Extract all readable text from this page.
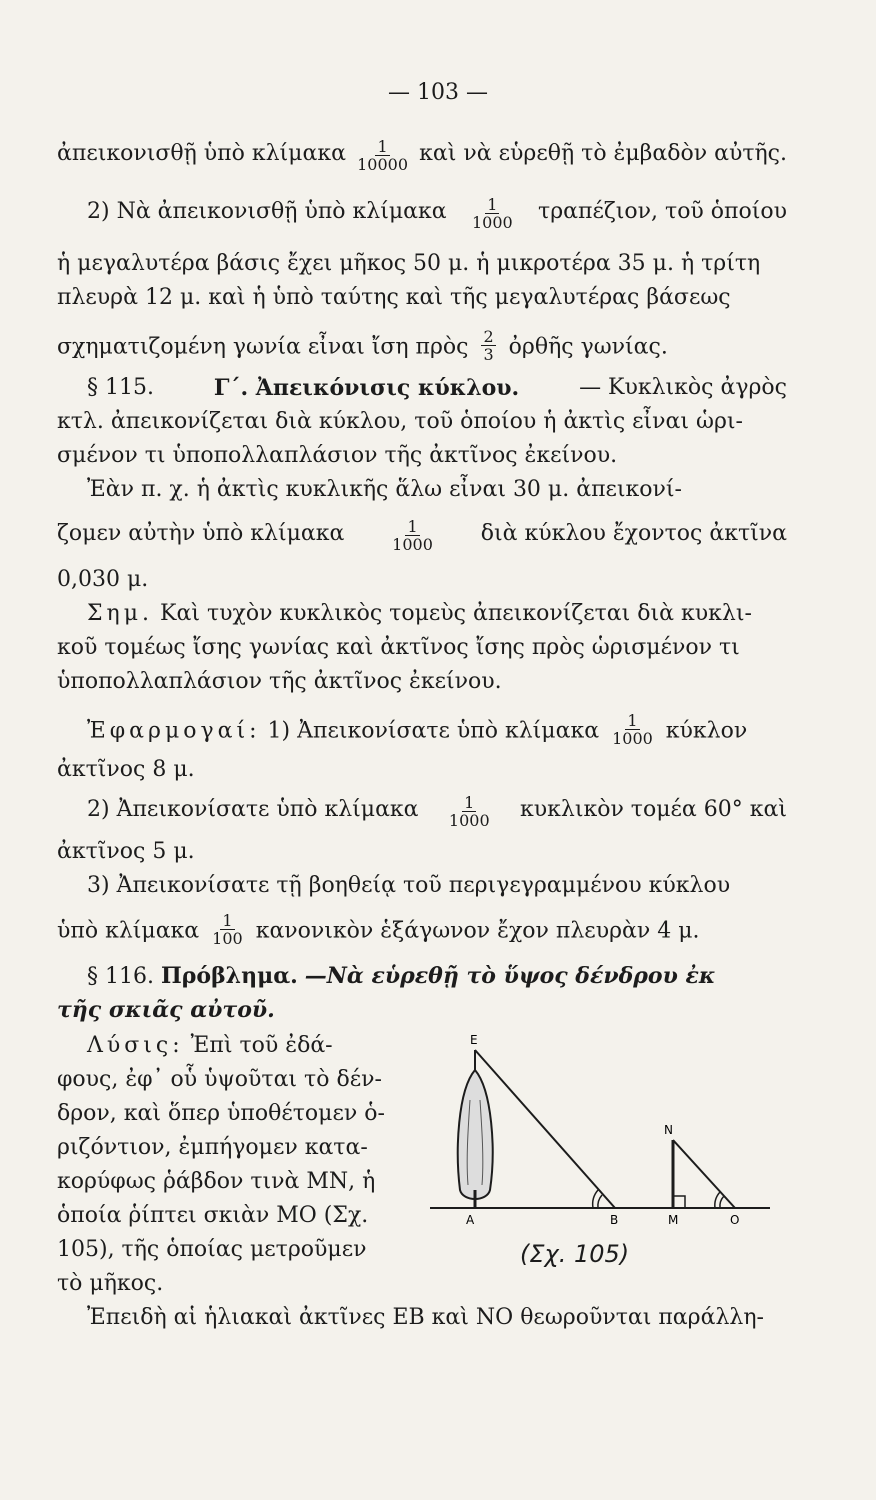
— 103 —
ἀπεικονισθῇ ὑπὸ κλίμακα $\frac{1}{10000}$ καὶ νὰ εὑρεθῇ τὸ ἐμβαδὸν αὐτῆς.
2) Νὰ ἀπεικονισθῇ ὑπὸ κλίμακα $\frac{1}{1000} \tau\rho\alpha\pi έ\zeta\iota o\nu$, τοῦ ὁποίου
ἡ μεγαλυτέρα βάσις ἔχει μῆκος 50 μ. ἡ μικροτέρα 35 μ. ἡ τρίτη
πλευρὰ 12 μ. καὶ ἡ ὑπὸ ταύτης καὶ τῆς μεγαλυτέρας βάσεως
σχηματιζομένη γωνία εἶναι ἴση πρὸς $\frac{2}{3}$ ὀρθῆς γωνίας.
§ 115.	Γ΄. Ἀπεικόνισις κύκλου.	— Κυκλικὸς ἀγρὸς
κτλ. ἀπεικονίζεται διὰ κύκλου, τοῦ ὁποίου ἡ ἀκτὶς εἶναι ὡρι-
σμένον τι ὑποπολλαπλάσιον τῆς ἀκτῖνος ἐκείνου.
Ἐὰν π. χ. ἡ ἀκτὶς κυκλικῆς ἅλω εἶναι 30 μ. ἀπεικονί-
ζομεν αὐτὴν ὑπὸ κλίμακα	$\frac{1}{1000}$ διὰ κύκλου ἔχοντος ἀκτῖνα
0,030 μ.
Σημ. Καὶ τυχὸν κυκλικὸς τομεὺς ἀπεικονίζεται διὰ κυκλι-
κοῦ τομέως ἴσης γωνίας καὶ ἀκτῖνος ἴσης πρὸς ὡρισμένον τι
ὑποπολλαπλάσιον τῆς ἀκτῖνος ἐκείνου.
Ἐφαρμογαί: 1) Ἀπεικονίσατε ὑπὸ κλίμακα $\frac{1}{1000}$ κύκλον
ἀκτῖνος 8 μ.
2) Ἀπεικονίσατε ὑπὸ κλίμακα $\frac{1}{1000}$ κυκλικὸν τομέα 60° καὶ
ἀκτῖνος 5 μ.
3) Ἀπεικονίσατε τῇ βοηθείᾳ τοῦ περιγεγραμμένου κύκλου
ὑπὸ κλίμακα $\frac{1}{100}$ κανονικὸν ἑξάγωνον ἔχον πλευρὰν 4 μ.
§ 116. Πρόβλημα. —Νὰ εὑρεθῇ τὸ ὕψος δένδρου ἐκ
τῆς σκιᾶς αὐτοῦ.
Λύσις: Ἐπὶ τοῦ ἐδά-
φους, ἐφ᾽ οὗ ὑψοῦται τὸ δέν-
δρον, καὶ ὅπερ ὑποθέτομεν ὁ-
ριζόντιον, ἐμπήγομεν κατα-
κορύφως ῥάβδον τινὰ ΜΝ, ἡ
ὁποία ῥίπτει σκιὰν ΜΟ (Σχ.
105), τῆς ὁποίας μετροῦμεν
τὸ μῆκος.
E
N
A	B	M	O
(Σχ. 105)
Ἐπειδὴ αἱ ἡλιακαὶ ἀκτῖνες ΕΒ καὶ ΝΟ θεωροῦνται παράλλη-
